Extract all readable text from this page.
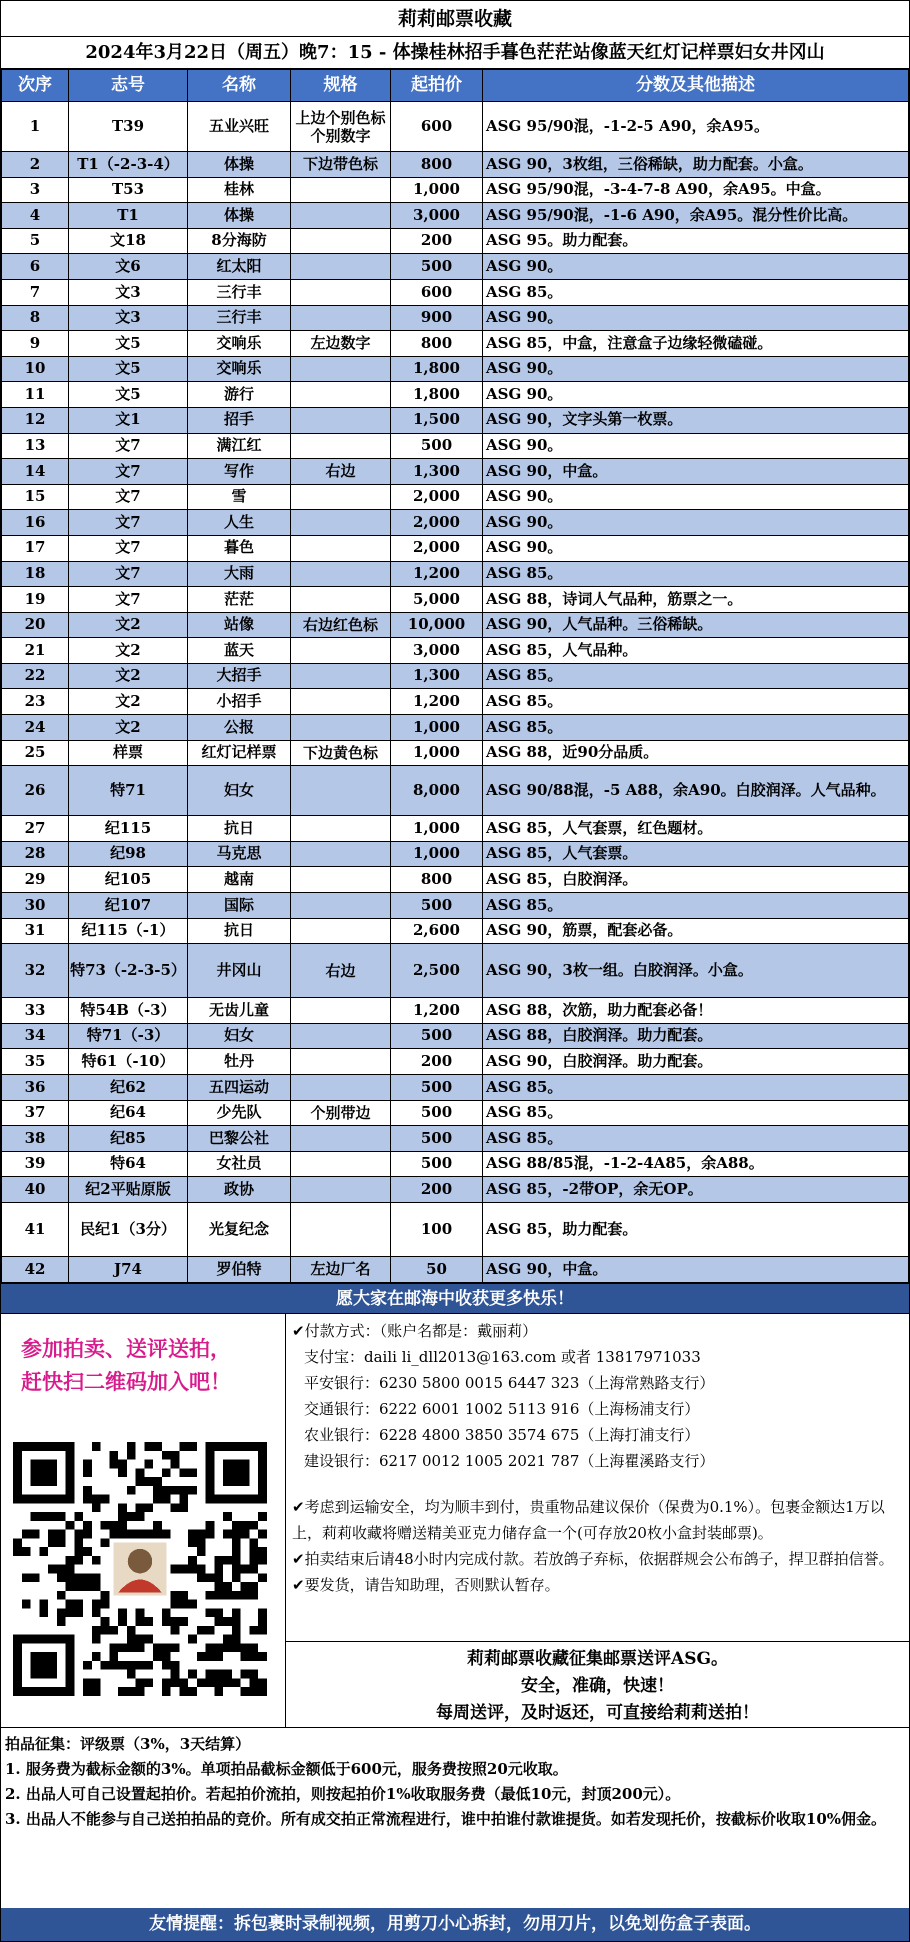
莉莉邮票收藏
2024年3月22日（周五）晚7：15 - 体操桂林招手暮色茫茫站像蓝天红灯记样票妇女井冈山
次序	志号	名称	规格	起拍价	分数及其他描述
1	T39	五业兴旺	上边个别色标个别数字	600	ASG 95/90混，-1-2-5 A90，余A95。
2	T1（-2-3-4）	体操	下边带色标	800	ASG 90，3枚组，三俗稀缺，助力配套。小盒。
3	T53	桂林		1,000	ASG 95/90混，-3-4-7-8 A90，余A95。中盒。
4	T1	体操		3,000	ASG 95/90混，-1-6 A90，余A95。混分性价比高。
5	文18	8分海防		200	ASG 95。助力配套。
6	文6	红太阳		500	ASG 90。
7	文3	三行丰		600	ASG 85。
8	文3	三行丰		900	ASG 90。
9	文5	交响乐	左边数字	800	ASG 85，中盒，注意盒子边缘轻微磕碰。
10	文5	交响乐		1,800	ASG 90。
11	文5	游行		1,800	ASG 90。
12	文1	招手		1,500	ASG 90，文字头第一枚票。
13	文7	满江红		500	ASG 90。
14	文7	写作	右边	1,300	ASG 90，中盒。
15	文7	雪		2,000	ASG 90。
16	文7	人生		2,000	ASG 90。
17	文7	暮色		2,000	ASG 90。
18	文7	大雨		1,200	ASG 85。
19	文7	茫茫		5,000	ASG 88，诗词人气品种，筋票之一。
20	文2	站像	右边红色标	10,000	ASG 90，人气品种。三俗稀缺。
21	文2	蓝天		3,000	ASG 85，人气品种。
22	文2	大招手		1,300	ASG 85。
23	文2	小招手		1,200	ASG 85。
24	文2	公报		1,000	ASG 85。
25	样票	红灯记样票	下边黄色标	1,000	ASG 88，近90分品质。
26	特71	妇女		8,000	ASG 90/88混，-5 A88，余A90。白胶润泽。人气品种。
27	纪115	抗日		1,000	ASG 85，人气套票，红色题材。
28	纪98	马克思		1,000	ASG 85，人气套票。
29	纪105	越南		800	ASG 85，白胶润泽。
30	纪107	国际		500	ASG 85。
31	纪115（-1）	抗日		2,600	ASG 90，筋票，配套必备。
32	特73（-2-3-5）	井冈山	右边	2,500	ASG 90，3枚一组。白胶润泽。小盒。
33	特54B（-3）	无齿儿童		1,200	ASG 88，次筋，助力配套必备！
34	特71（-3）	妇女		500	ASG 88，白胶润泽。助力配套。
35	特61（-10）	牡丹		200	ASG 90，白胶润泽。助力配套。
36	纪62	五四运动		500	ASG 85。
37	纪64	少先队	个别带边	500	ASG 85。
38	纪85	巴黎公社		500	ASG 85。
39	特64	女社员		500	ASG 88/85混，-1-2-4A85，余A88。
40	纪2平贴原版	政协		200	ASG 85，-2带OP，余无OP。
41	民纪1（3分）	光复纪念		100	ASG 85，助力配套。
42	J74	罗伯特	左边厂名	50	ASG 90，中盒。
愿大家在邮海中收获更多快乐！
参加拍卖、送评送拍，
赶快扫二维码加入吧！
✔付款方式：（账户名都是：戴丽莉）
支付宝：daili li_dll2013@163.com 或者 13817971033
平安银行：6230 5800 0015 6447 323（上海常熟路支行）
交通银行：6222 6001 1002 5113 916（上海杨浦支行）
农业银行：6228 4800 3850 3574 675（上海打浦支行）
建设银行：6217 0012 1005 2021 787（上海瞿溪路支行）
✔考虑到运输安全，均为顺丰到付，贵重物品建议保价（保费为0.1%）。包裹金额达1万以上，莉莉收藏将赠送精美亚克力储存盒一个(可存放20枚小盒封装邮票)。
✔拍卖结束后请48小时内完成付款。若放鸽子弃标，依据群规会公布鸽子，捍卫群拍信誉。
✔要发货，请告知助理，否则默认暂存。
莉莉邮票收藏征集邮票送评ASG。
安全，准确，快速！
每周送评，及时返还，可直接给莉莉送拍！
拍品征集：评级票（3%，3天结算）
1. 服务费为截标金额的3%。单项拍品截标金额低于600元，服务费按照20元收取。
2. 出品人可自己设置起拍价。若起拍价流拍，则按起拍价1%收取服务费（最低10元，封顶200元）。
3. 出品人不能参与自己送拍拍品的竞价。所有成交拍正常流程进行，谁中拍谁付款谁提货。如若发现托价，按截标价收取10%佣金。
友情提醒：拆包裹时录制视频，用剪刀小心拆封，勿用刀片，以免划伤盒子表面。
